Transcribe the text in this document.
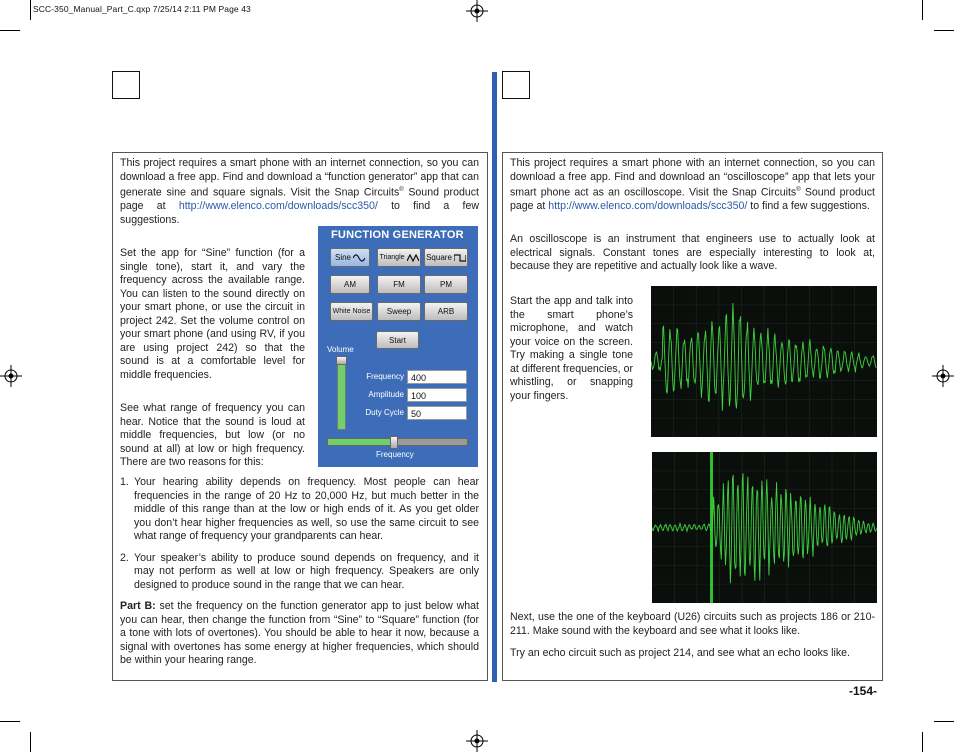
SCC-350_Manual_Part_C.qxp 7/25/14 2:11 PM Page 43

This project requires a smart phone with an internet connection, so you can download a free app. Find and download a “function generator” app that can generate sine and square signals. Visit the Snap Circuits® Sound product page at http://www.elenco.com/downloads/scc350/ to find a few suggestions.

Set the app for “Sine” function (for a single tone), start it, and vary the frequency across the available range. You can listen to the sound directly on your smart phone, or use the circuit in project 242. Set the volume control on your smart phone (and using RV, if you are using project 242) so that the sound is at a comfortable level for middle frequencies.

See what range of frequency you can hear. Notice that the sound is loud at middle frequencies, but low (or no sound at all) at low or high frequency. There are two reasons for this:

1. Your hearing ability depends on frequency. Most people can hear frequencies in the range of 20 Hz to 20,000 Hz, but much better in the middle of this range than at the low or high ends of it. As you get older you don’t hear higher frequencies as well, so use the same circuit to see what range of frequency your grandparents can hear.
2. Your speaker’s ability to produce sound depends on frequency, and it may not perform as well at low or high frequency. Speakers are only designed to produce sound in the range that we can hear.

Part B: set the frequency on the function generator app to just below what you can hear, then change the function from “Sine” to “Square” function (for a tone with lots of overtones). You should be able to hear it now, because a signal with overtones has some energy at higher frequencies, which should be within your hearing range.

FUNCTION GENERATOR
Sine	Triangle	Square
AM	FM	PM
White Noise	Sweep	ARB
Start
Volume
Frequency 400
Amplitude 100
Duty Cycle 50
Frequency

This project requires a smart phone with an internet connection, so you can download a free app. Find and download an “oscilloscope” app that lets your smart phone act as an oscilloscope. Visit the Snap Circuits® Sound product page at http://www.elenco.com/downloads/scc350/ to find a few suggestions.

An oscilloscope is an instrument that engineers use to actually look at electrical signals. Constant tones are especially interesting to look at, because they are repetitive and actually look like a wave.

Start the app and talk into the smart phone’s microphone, and watch your voice on the screen. Try making a single tone at different frequencies, or whistling, or snapping your fingers.

Next, use the one of the keyboard (U26) circuits such as projects 186 or 210-211. Make sound with the keyboard and see what it looks like.

Try an echo circuit such as project 214, and see what an echo looks like.

-154-
